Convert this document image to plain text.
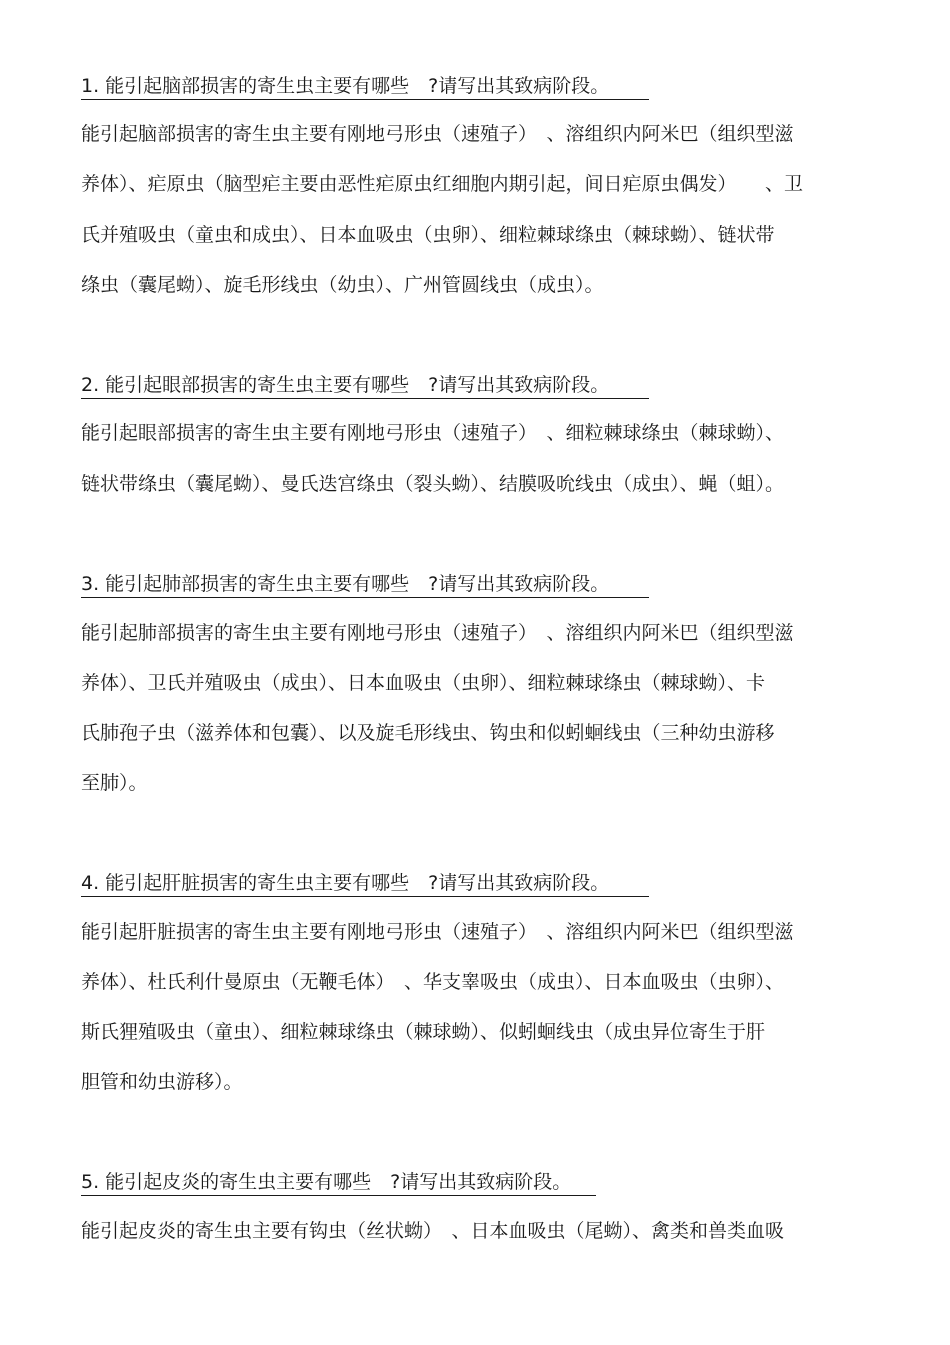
1. 能引起脑部损害的寄生虫主要有哪些　?请写出其致病阶段。
能引起脑部损害的寄生虫主要有刚地弓形虫（速殖子）　、溶组织内阿米巴（组织型滋
养体）、疟原虫（脑型疟主要由恶性疟原虫红细胞内期引起，间日疟原虫偶发）　　、卫
氏并殖吸虫（童虫和成虫）、日本血吸虫（虫卵）、细粒棘球绦虫（棘球蚴）、链状带
绦虫（囊尾蚴）、旋毛形线虫（幼虫）、广州管圆线虫（成虫）。
2. 能引起眼部损害的寄生虫主要有哪些　?请写出其致病阶段。
能引起眼部损害的寄生虫主要有刚地弓形虫（速殖子）　、细粒棘球绦虫（棘球蚴）、
链状带绦虫（囊尾蚴）、曼氏迭宫绦虫（裂头蚴）、结膜吸吮线虫（成虫）、蝇（蛆）。
3. 能引起肺部损害的寄生虫主要有哪些　?请写出其致病阶段。
能引起肺部损害的寄生虫主要有刚地弓形虫（速殖子）　、溶组织内阿米巴（组织型滋
养体）、卫氏并殖吸虫（成虫）、日本血吸虫（虫卵）、细粒棘球绦虫（棘球蚴）、卡
氏肺孢子虫（滋养体和包囊）、以及旋毛形线虫、钩虫和似蚓蛔线虫（三种幼虫游移
至肺）。
4. 能引起肝脏损害的寄生虫主要有哪些　?请写出其致病阶段。
能引起肝脏损害的寄生虫主要有刚地弓形虫（速殖子）　、溶组织内阿米巴（组织型滋
养体）、杜氏利什曼原虫（无鞭毛体）　、华支睾吸虫（成虫）、日本血吸虫（虫卵）、
斯氏狸殖吸虫（童虫）、细粒棘球绦虫（棘球蚴）、似蚓蛔线虫（成虫异位寄生于肝
胆管和幼虫游移）。
5. 能引起皮炎的寄生虫主要有哪些　?请写出其致病阶段。
能引起皮炎的寄生虫主要有钩虫（丝状蚴）　、日本血吸虫（尾蚴）、禽类和兽类血吸
